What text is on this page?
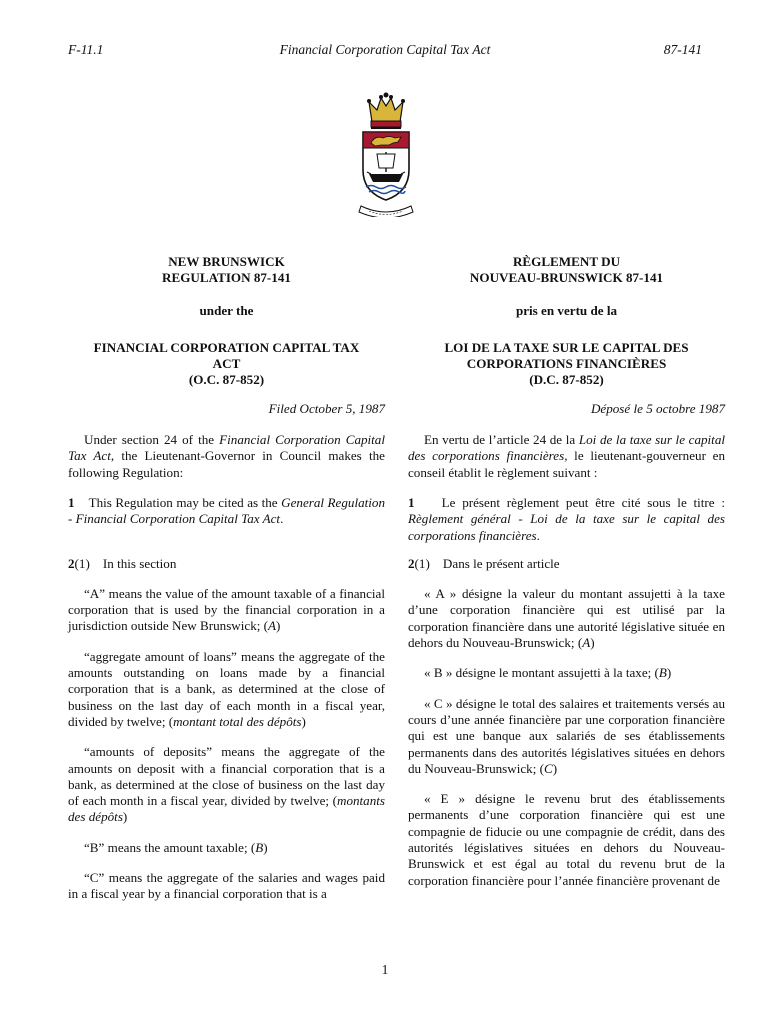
F-11.1	Financial Corporation Capital Tax Act	87-141

NEW BRUNSWICK

REGULATION 87-141

under the

FINANCIAL CORPORATION CAPITAL TAX

ACT

(O.C. 87-852)

Filed October 5, 1987

Under section 24 of the Financial Corporation Capital Tax Act, the Lieutenant-Governor in Council makes the following Regulation:

1 This Regulation may be cited as the General Regulation - Financial Corporation Capital Tax Act.

2(1) In this section

“A” means the value of the amount taxable of a financial corporation that is used by the financial corporation in a jurisdiction outside New Brunswick; (A)

“aggregate amount of loans” means the aggregate of the amounts outstanding on loans made by a financial corporation that is a bank, as determined at the close of business on the last day of each month in a fiscal year, divided by twelve; (montant total des dépôts)

“amounts of deposits” means the aggregate of the amounts on deposit with a financial corporation that is a bank, as determined at the close of business on the last day of each month in a fiscal year, divided by twelve; (montants des dépôts)

“B” means the amount taxable; (B)

“C” means the aggregate of the salaries and wages paid in a fiscal year by a financial corporation that is a

RÈGLEMENT DU

NOUVEAU-BRUNSWICK 87-141

pris en vertu de la

LOI DE LA TAXE SUR LE CAPITAL DES

CORPORATIONS FINANCIÈRES

(D.C. 87-852)

Déposé le 5 octobre 1987

En vertu de l’article 24 de la Loi de la taxe sur le capital des corporations financières, le lieutenant-gouverneur en conseil établit le règlement suivant :

1 Le présent règlement peut être cité sous le titre : Règlement général - Loi de la taxe sur le capital des corporations financières.

2(1) Dans le présent article

« A » désigne la valeur du montant assujetti à la taxe d’une corporation financière qui est utilisé par la corporation financière dans une autorité législative située en dehors du Nouveau-Brunswick; (A)

« B » désigne le montant assujetti à la taxe; (B)

« C » désigne le total des salaires et traitements versés au cours d’une année financière par une corporation financière qui est une banque aux salariés de ses établissements permanents dans des autorités législatives situées en dehors du Nouveau-Brunswick; (C)

« E » désigne le revenu brut des établissements permanents d’une corporation financière qui est une compagnie de fiducie ou une compagnie de crédit, dans des autorités législatives situées en dehors du Nouveau-Brunswick et est égal au total du revenu brut de la corporation financière pour l’année financière provenant de

1
